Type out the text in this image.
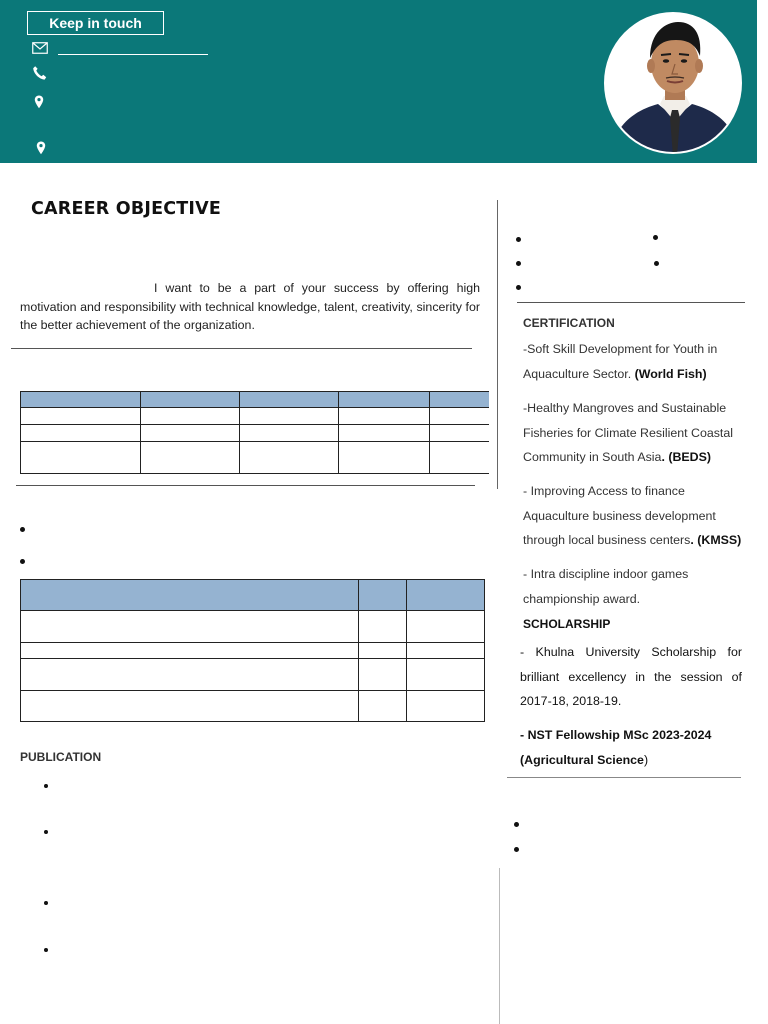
Keep in touch
CAREER OBJECTIVE

I want to be a part of your success by offering high motivation and responsibility with technical knowledge, talent, creativity, sincerity for the better achievement of the organization.

PUBLICATION
CERTIFICATION
-Soft Skill Development for Youth in Aquaculture Sector. (World Fish)
-Healthy Mangroves and Sustainable Fisheries for Climate Resilient Coastal Community in South Asia. (BEDS)
- Improving Access to finance Aquaculture business development through local business centers. (KMSS)
- Intra discipline indoor games championship award.
SCHOLARSHIP
- Khulna University Scholarship for brilliant excellency in the session of 2017-18, 2018-19.
- NST Fellowship MSc 2023-2024
(Agricultural Science)
